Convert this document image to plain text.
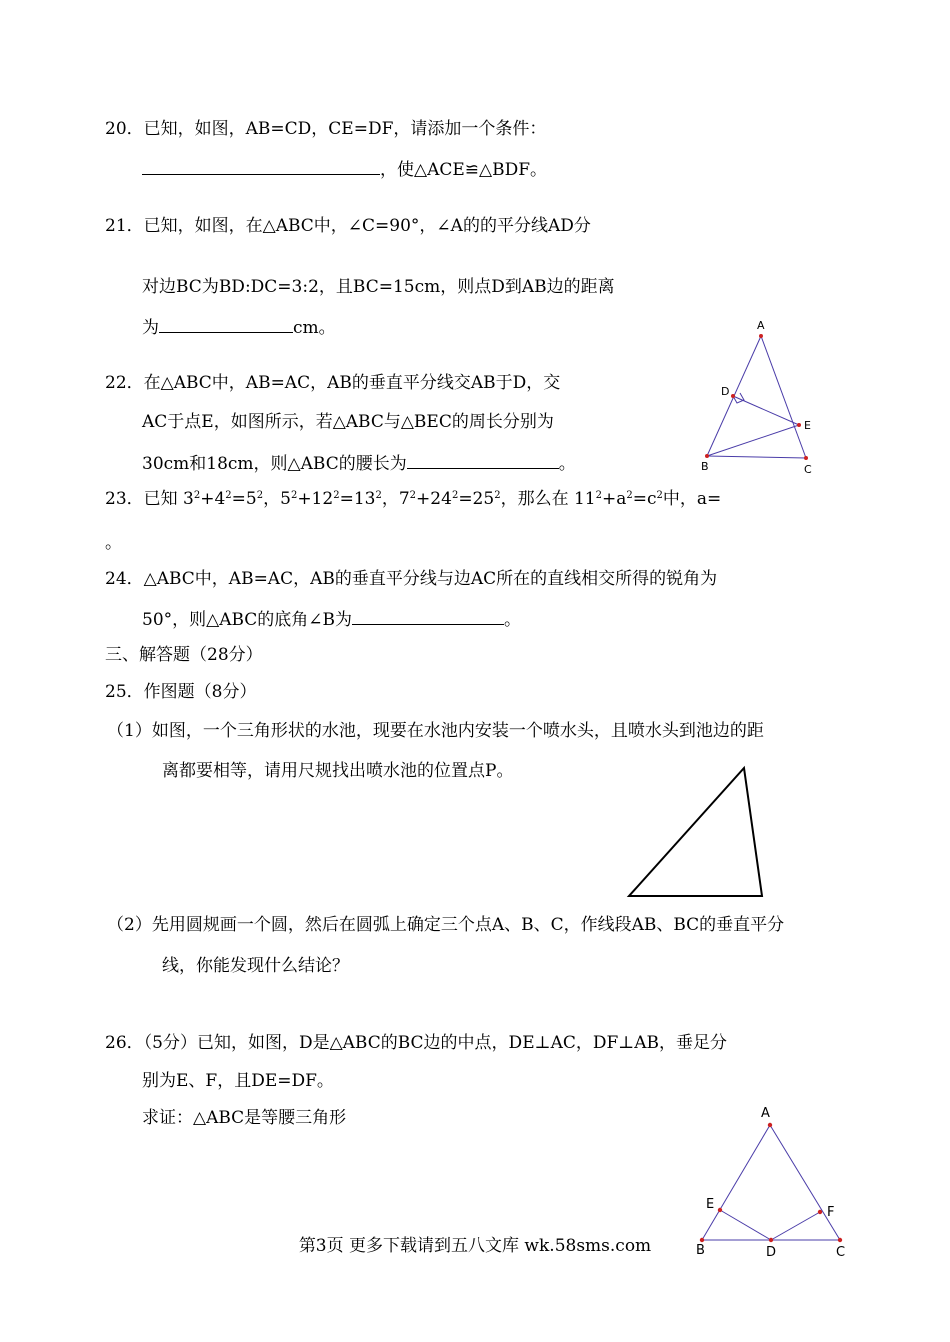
20．已知，如图，AB=CD，CE=DF，请添加一个条件：
，使△ACE≌△BDF。
21．已知，如图，在△ABC中，∠C=90°，∠A的的平分线AD分
对边BC为BD:DC=3:2，且BC=15cm，则点D到AB边的距离
为	cm。
22．在△ABC中，AB=AC，AB的垂直平分线交AB于D，交
AC于点E，如图所示，若△ABC与△BEC的周长分别为
30cm和18cm，则△ABC的腰长为	。
A
B	C
D
E
23．已知 $3^2+4^2=5^2$，$5^2+12^2=13^2$，$7^2+24^2=25^2$，那么在 $11^2+a^2=c^2$中，a=
。
24．△ABC中，AB=AC，AB的垂直平分线与边AC所在的直线相交所得的锐角为
50°，则△ABC的底角∠B为	。
三、解答题（28分）
25．作图题（8分）
（1）如图，一个三角形状的水池，现要在水池内安装一个喷水头，且喷水头到池边的距
离都要相等，请用尺规找出喷水池的位置点P。
（2）先用圆规画一个圆，然后在圆弧上确定三个点A、B、C，作线段AB、BC的垂直平分
线，你能发现什么结论？
26．（5分）已知，如图，D是△ABC的BC边的中点，DE⊥AC，DF⊥AB，垂足分
别为E、F，且DE=DF。
求证：△ABC是等腰三角形	A
B	C
D
E
F
第3页 更多下载请到五八文库 wk.58sms.com
